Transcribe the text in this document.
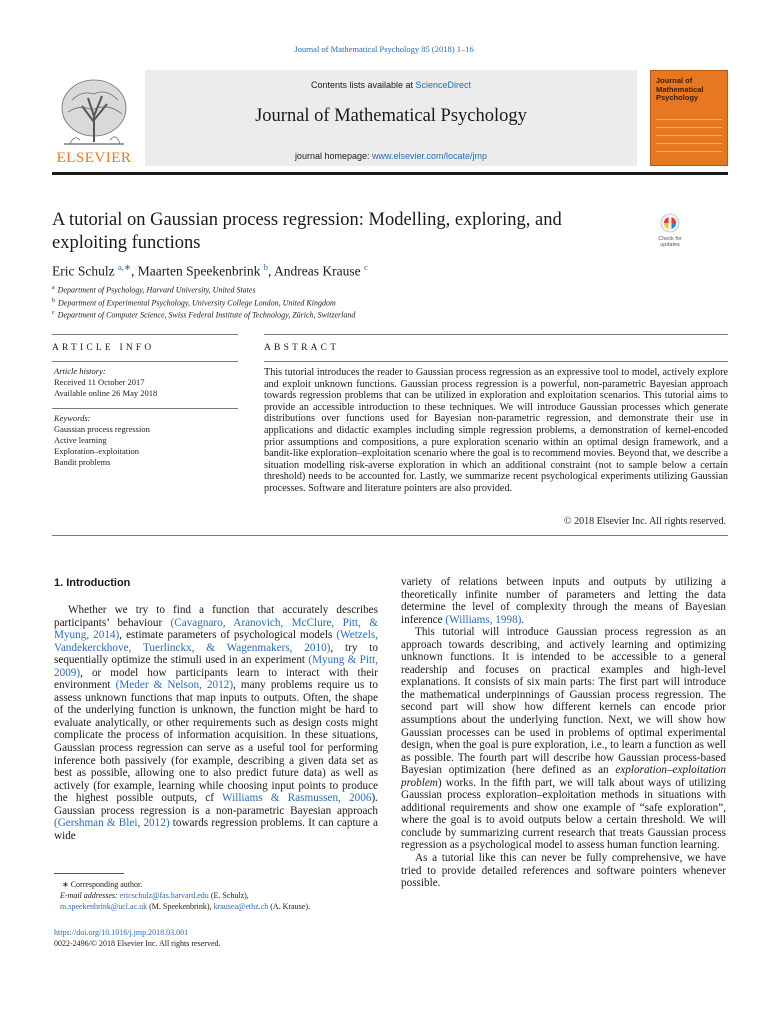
Journal of Mathematical Psychology 85 (2018) 1–16
Contents lists available at ScienceDirect
Journal of Mathematical Psychology
journal homepage: www.elsevier.com/locate/jmp
ELSEVIER
Journal of Mathematical Psychology
A tutorial on Gaussian process regression: Modelling, exploring, and exploiting functions	Check for updates
Eric Schulz $^{a,∗}$, Maarten Speekenbrink $^b$, Andreas Krause $^c$
$^a$ Department of Psychology, Harvard University, United States
$^b$ Department of Experimental Psychology, University College London, United Kingdom
$^c$ Department of Computer Science, Swiss Federal Institute of Technology, Zürich, Switzerland
ARTICLE INFO	ABSTRACT
Article history:
Received 11 October 2017
Available online 26 May 2018
Keywords:
Gaussian process regression
Active learning
Exploration–exploitation
Bandit problems
This tutorial introduces the reader to Gaussian process regression as an expressive tool to model, actively explore and exploit unknown functions. Gaussian process regression is a powerful, non-parametric Bayesian approach towards regression problems that can be utilized in exploration and exploitation scenarios. This tutorial aims to provide an accessible introduction to these techniques. We will introduce Gaussian processes which generate distributions over functions used for Bayesian non-parametric regression, and demonstrate their use in applications and didactic examples including simple regression problems, a demonstration of kernel-encoded prior assumptions and compositions, a pure exploration scenario within an optimal design framework, and a bandit-like exploration–exploitation scenario where the goal is to recommend movies. Beyond that, we describe a situation modelling risk-averse exploration in which an additional constraint (not to sample below a certain threshold) needs to be accounted for. Lastly, we summarize recent psychological experiments utilizing Gaussian processes. Software and literature pointers are also provided.
© 2018 Elsevier Inc. All rights reserved.
1. Introduction
Whether we try to find a function that accurately describes participants’ behaviour (Cavagnaro, Aranovich, McClure, Pitt, & Myung, 2014), estimate parameters of psychological models (Wetzels, Vandekerckhove, Tuerlinckx, & Wagenmakers, 2010), try to sequentially optimize the stimuli used in an experiment (Myung & Pitt, 2009), or model how participants learn to interact with their environment (Meder & Nelson, 2012), many problems require us to assess unknown functions that map inputs to outputs. Often, the shape of the underlying function is unknown, the function might be hard to evaluate analytically, or other requirements such as design costs might complicate the process of information acquisition. In these situations, Gaussian process regression can serve as a useful tool for performing inference both passively (for example, describing a given data set as best as possible, allowing one to also predict future data) as well as actively (for example, learning while choosing input points to produce the highest possible outputs, cf Williams & Rasmussen, 2006). Gaussian process regression is a non-parametric Bayesian approach (Gershman & Blei, 2012) towards regression problems. It can capture a wide

variety of relations between inputs and outputs by utilizing a theoretically infinite number of parameters and letting the data determine the level of complexity through the means of Bayesian inference (Williams, 1998).

This tutorial will introduce Gaussian process regression as an approach towards describing, and actively learning and optimizing unknown functions. It is intended to be accessible to a general readership and focuses on practical examples and high-level explanations. It consists of six main parts: The first part will introduce the mathematical underpinnings of Gaussian process regression. The second part will show how different kernels can encode prior assumptions about the underlying function. Next, we will show how Gaussian processes can be used in problems of optimal experimental design, when the goal is pure exploration, i.e., to learn a function as well as possible. The fourth part will describe how Gaussian process-based Bayesian optimization (here defined as an exploration–exploitation problem) works. In the fifth part, we will talk about ways of utilizing Gaussian process exploration–exploitation methods in situations with additional requirements and show one example of “safe exploration”, where the goal is to avoid outputs below a certain threshold. We will conclude by summarizing current research that treats Gaussian process regression as a psychological model to assess human function learning.

As a tutorial like this can never be fully comprehensive, we have tried to provide detailed references and software pointers whenever possible.

∗ Corresponding author.
E-mail addresses: ericschulz@fas.harvard.edu (E. Schulz),
m.speekenbrink@ucl.ac.uk (M. Speekenbrink), krausea@ethz.ch (A. Krause).
https://doi.org/10.1016/j.jmp.2018.03.001
0022-2496/© 2018 Elsevier Inc. All rights reserved.
